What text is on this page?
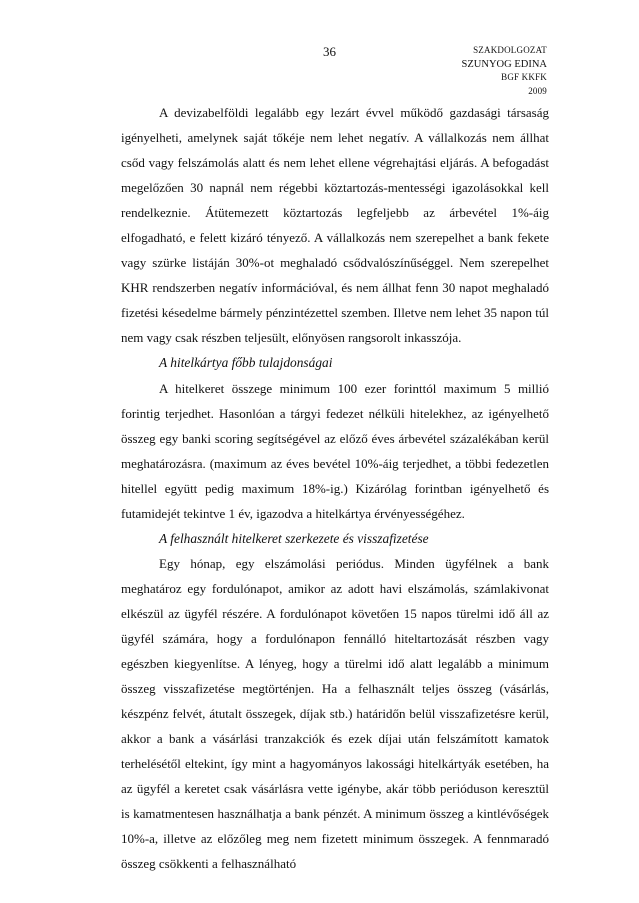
36	SZAKDOLGOZAT
SZUNYOG EDINA
BGF KKFK
2009

A devizabelföldi legalább egy lezárt évvel működő gazdasági társaság igényelheti, amelynek saját tőkéje nem lehet negatív. A vállalkozás nem állhat csőd vagy felszámolás alatt és nem lehet ellene végrehajtási eljárás. A befogadást megelőzően 30 napnál nem régebbi köztartozás-mentességi igazolásokkal kell rendelkeznie. Átütemezett köztartozás legfeljebb az árbevétel 1%-áig elfogadható, e felett kizáró tényező. A vállalkozás nem szerepelhet a bank fekete vagy szürke listáján 30%-ot meghaladó csődvalószínűséggel. Nem szerepelhet KHR rendszerben negatív információval, és nem állhat fenn 30 napot meghaladó fizetési késedelme bármely pénzintézettel szemben. Illetve nem lehet 35 napon túl nem vagy csak részben teljesült, előnyösen rangsorolt inkasszója.

A hitelkártya főbb tulajdonságai

A hitelkeret összege minimum 100 ezer forinttól maximum 5 millió forintig terjedhet. Hasonlóan a tárgyi fedezet nélküli hitelekhez, az igényelhető összeg egy banki scoring segítségével az előző éves árbevétel százalékában kerül meghatározásra. (maximum az éves bevétel 10%-áig terjedhet, a többi fedezetlen hitellel együtt pedig maximum 18%-ig.) Kizárólag forintban igényelhető és futamidejét tekintve 1 év, igazodva a hitelkártya érvényességéhez.

A felhasznált hitelkeret szerkezete és visszafizetése

Egy hónap, egy elszámolási periódus. Minden ügyfélnek a bank meghatároz egy fordulónapot, amikor az adott havi elszámolás, számlakivonat elkészül az ügyfél részére. A fordulónapot követően 15 napos türelmi idő áll az ügyfél számára, hogy a fordulónapon fennálló hiteltartozását részben vagy egészben kiegyenlítse. A lényeg, hogy a türelmi idő alatt legalább a minimum összeg visszafizetése megtörténjen. Ha a felhasznált teljes összeg (vásárlás, készpénz felvét, átutalt összegek, díjak stb.) határidőn belül visszafizetésre kerül, akkor a bank a vásárlási tranzakciók és ezek díjai után felszámított kamatok terhelésétől eltekint, így mint a hagyományos lakossági hitelkártyák esetében, ha az ügyfél a keretet csak vásárlásra vette igénybe, akár több perióduson keresztül is kamatmentesen használhatja a bank pénzét. A minimum összeg a kintlévőségek 10%-a, illetve az előzőleg meg nem fizetett minimum összegek. A fennmaradó összeg csökkenti a felhasználható
